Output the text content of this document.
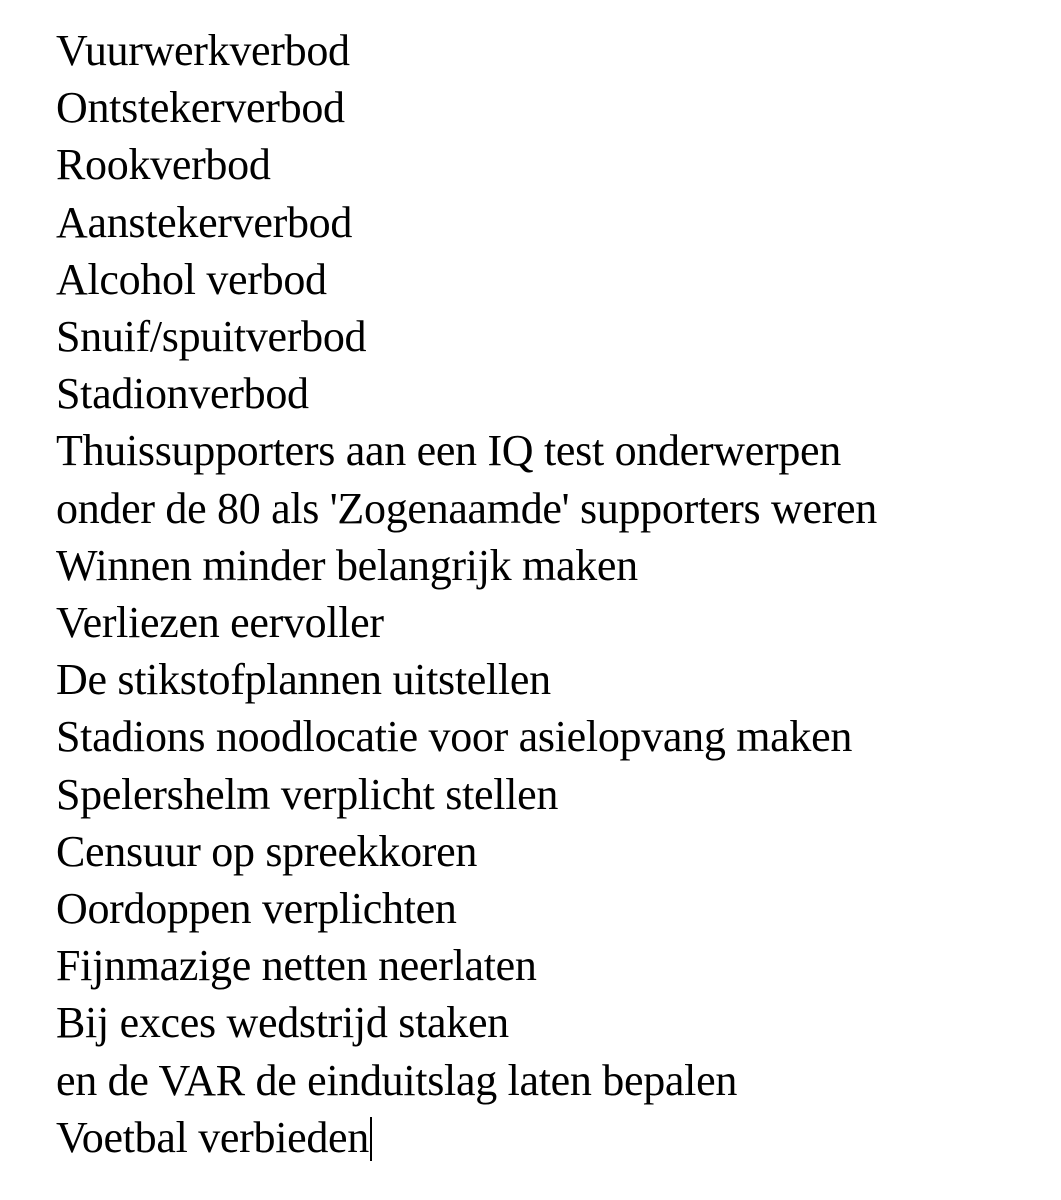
Vuurwerkverbod
Ontstekerverbod
Rookverbod
Aanstekerverbod
Alcohol verbod
Snuif/spuitverbod
Stadionverbod
Thuissupporters aan een IQ test onderwerpen
onder de 80 als 'Zogenaamde' supporters weren
Winnen minder belangrijk maken
Verliezen eervoller
De stikstofplannen uitstellen
Stadions noodlocatie voor asielopvang maken
Spelershelm verplicht stellen
Censuur op spreekkoren
Oordoppen verplichten
Fijnmazige netten neerlaten
Bij exces wedstrijd staken
en de VAR de einduitslag laten bepalen
Voetbal verbieden
